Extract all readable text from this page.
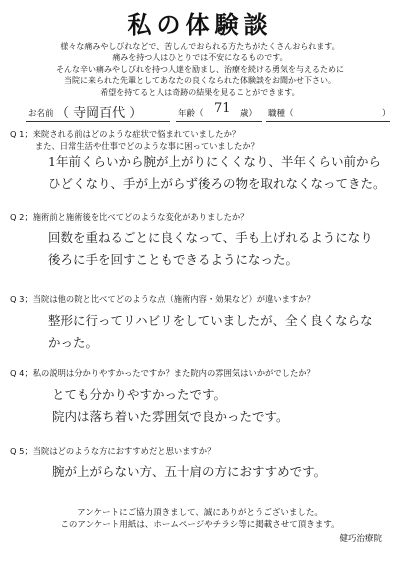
私の体験談
様々な痛みやしびれなどで、苦しんでおられる方たちがたくさんおられます。
痛みを持つ人はひとりでは不安になるものです。
そんな辛い痛みやしびれを持つ人達を励まし、治療を続ける勇気を与えるために
当院に来られた先輩としてあなたの良くなられた体験談をお聞かせ下さい。
希望を持てると人は奇跡の結果を見ることができます。
お名前 （ 寺岡百代 ）	年齢（ 71 歳） 職種（	）
Q 1；来院される前はどのような症状で悩まれていましたか？
　　　また、日常生活や仕事でどのような事に困っていましたか？
1年前くらいから腕が上がりにくくなり、半年くらい前から
ひどくなり、手が上がらず後ろの物を取れなくなってきた。
Q 2；施術前と施術後を比べてどのような変化がありましたか？
回数を重ねるごとに良くなって、手も上げれるようになり
後ろに手を回すこともできるようになった。
Q 3；当院は他の院と比べてどのような点（施術内容・効果など）が違いますか？
整形に行ってリハビリをしていましたが、全く良くならな
かった。
Q 4；私の説明は分かりやすかったですか？また院内の雰囲気はいかがでしたか？
とても分かりやすかったです。
院内は落ち着いた雰囲気で良かったです。
Q 5；当院はどのような方におすすめだと思いますか？
腕が上がらない方、五十肩の方におすすめです。
アンケートにご協力頂きまして、誠にありがとうございました。
このアンケート用紙は、ホームページやチラシ等に掲載させて頂きます。
健巧治療院
